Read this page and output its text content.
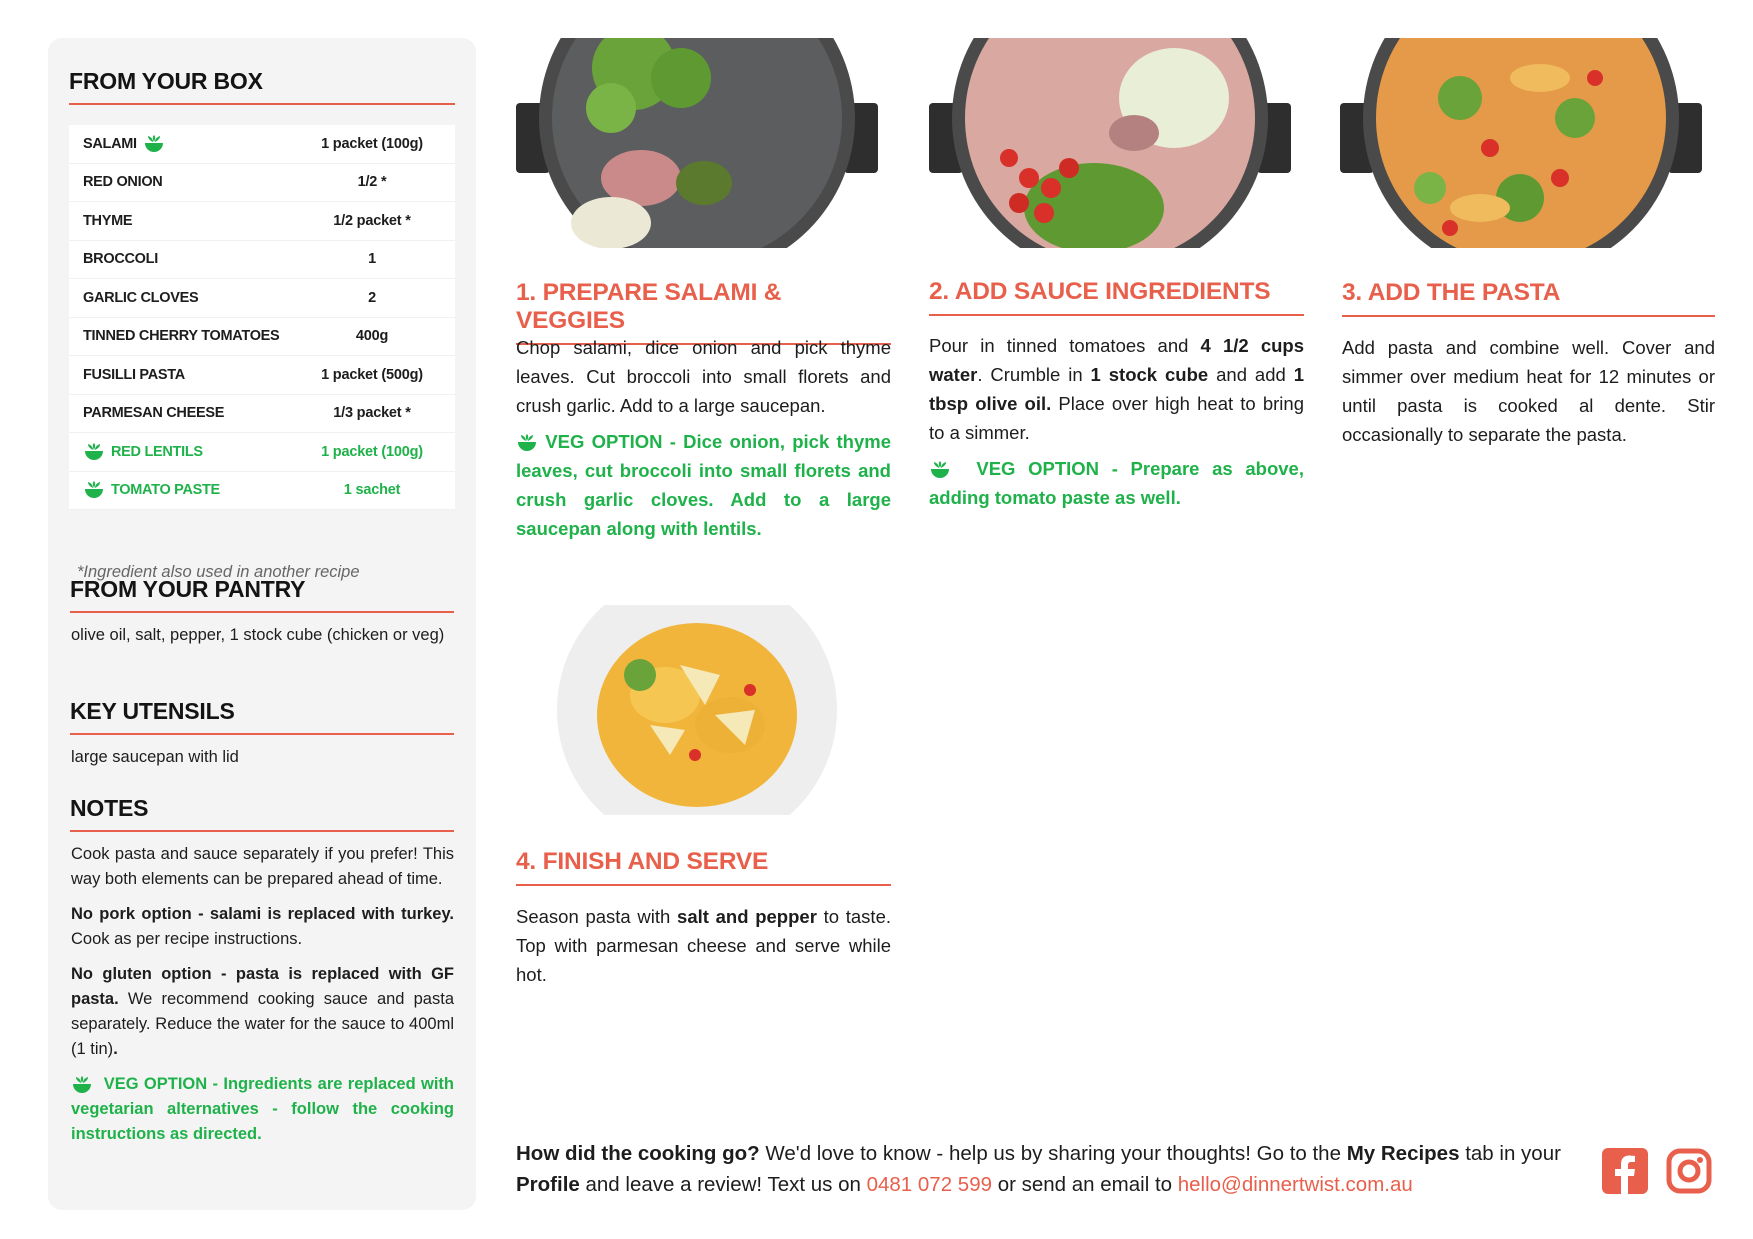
FROM YOUR BOX
SALAMI	1 packet (100g)
RED ONION	1/2 *
THYME	1/2 packet *
BROCCOLI	1
GARLIC CLOVES	2
TINNED CHERRY TOMATOES	400g
FUSILLI PASTA	1 packet (500g)
PARMESAN CHEESE	1/3 packet *
RED LENTILS	1 packet (100g)
TOMATO PASTE	1 sachet
*Ingredient also used in another recipe
FROM YOUR PANTRY
olive oil, salt, pepper, 1 stock cube (chicken or veg)
KEY UTENSILS
large saucepan with lid
NOTES

Cook pasta and sauce separately if you prefer! This way both elements can be prepared ahead of time.

No pork option - salami is replaced with turkey. Cook as per recipe instructions.

No gluten option - pasta is replaced with GF pasta. We recommend cooking sauce and pasta separately. Reduce the water for the sauce to 400ml (1 tin).

VEG OPTION - Ingredients are replaced with vegetarian alternatives - follow the cooking instructions as directed.

1. PREPARE SALAMI & VEGGIES

Chop salami, dice onion and pick thyme leaves. Cut broccoli into small florets and crush garlic. Add to a large saucepan.

VEG OPTION - Dice onion, pick thyme leaves, cut broccoli into small florets and crush garlic cloves. Add to a large saucepan along with lentils.

2. ADD SAUCE INGREDIENTS

Pour in tinned tomatoes and 4 1/2 cups water. Crumble in 1 stock cube and add 1 tbsp olive oil. Place over high heat to bring to a simmer.

VEG OPTION - Prepare as above, adding tomato paste as well.

3. ADD THE PASTA

Add pasta and combine well. Cover and simmer over medium heat for 12 minutes or until pasta is cooked al dente. Stir occasionally to separate the pasta.

4. FINISH AND SERVE

Season pasta with salt and pepper to taste. Top with parmesan cheese and serve while hot.

How did the cooking go? We'd love to know - help us by sharing your thoughts! Go to the My Recipes tab in your Profile and leave a review! Text us on 0481 072 599 or send an email to hello@dinnertwist.com.au
